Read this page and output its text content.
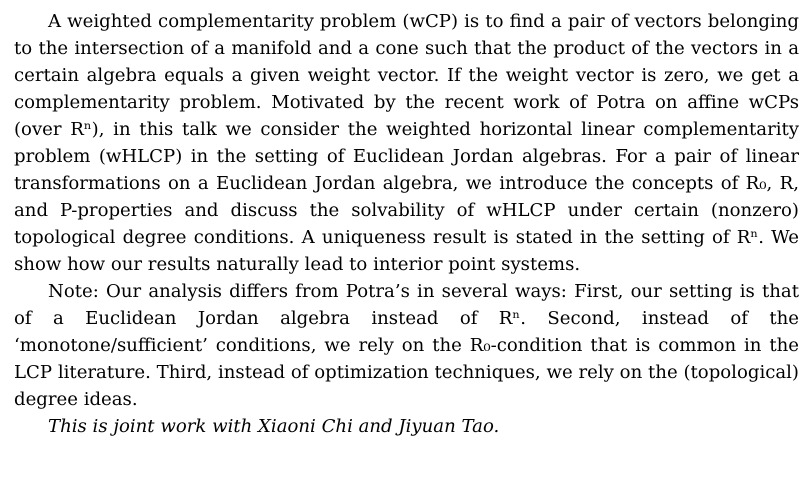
A weighted complementarity problem (wCP) is to find a pair of vectors belonging to the intersection of a manifold and a cone such that the product of the vectors in a certain algebra equals a given weight vector. If the weight vector is zero, we get a complementarity problem. Motivated by the recent work of Potra on affine wCPs (over Rⁿ), in this talk we consider the weighted horizontal linear complementarity problem (wHLCP) in the setting of Euclidean Jordan algebras. For a pair of linear transformations on a Euclidean Jordan algebra, we introduce the concepts of R₀, R, and P-properties and discuss the solvability of wHLCP under certain (nonzero) topological degree conditions. A uniqueness result is stated in the setting of Rⁿ. We show how our results naturally lead to interior point systems.

Note: Our analysis differs from Potra’s in several ways: First, our setting is that of a Euclidean Jordan algebra instead of Rⁿ. Second, instead of the ‘monotone/sufficient’ conditions, we rely on the R₀-condition that is common in the LCP literature. Third, instead of optimization techniques, we rely on the (topological) degree ideas.

This is joint work with Xiaoni Chi and Jiyuan Tao.
